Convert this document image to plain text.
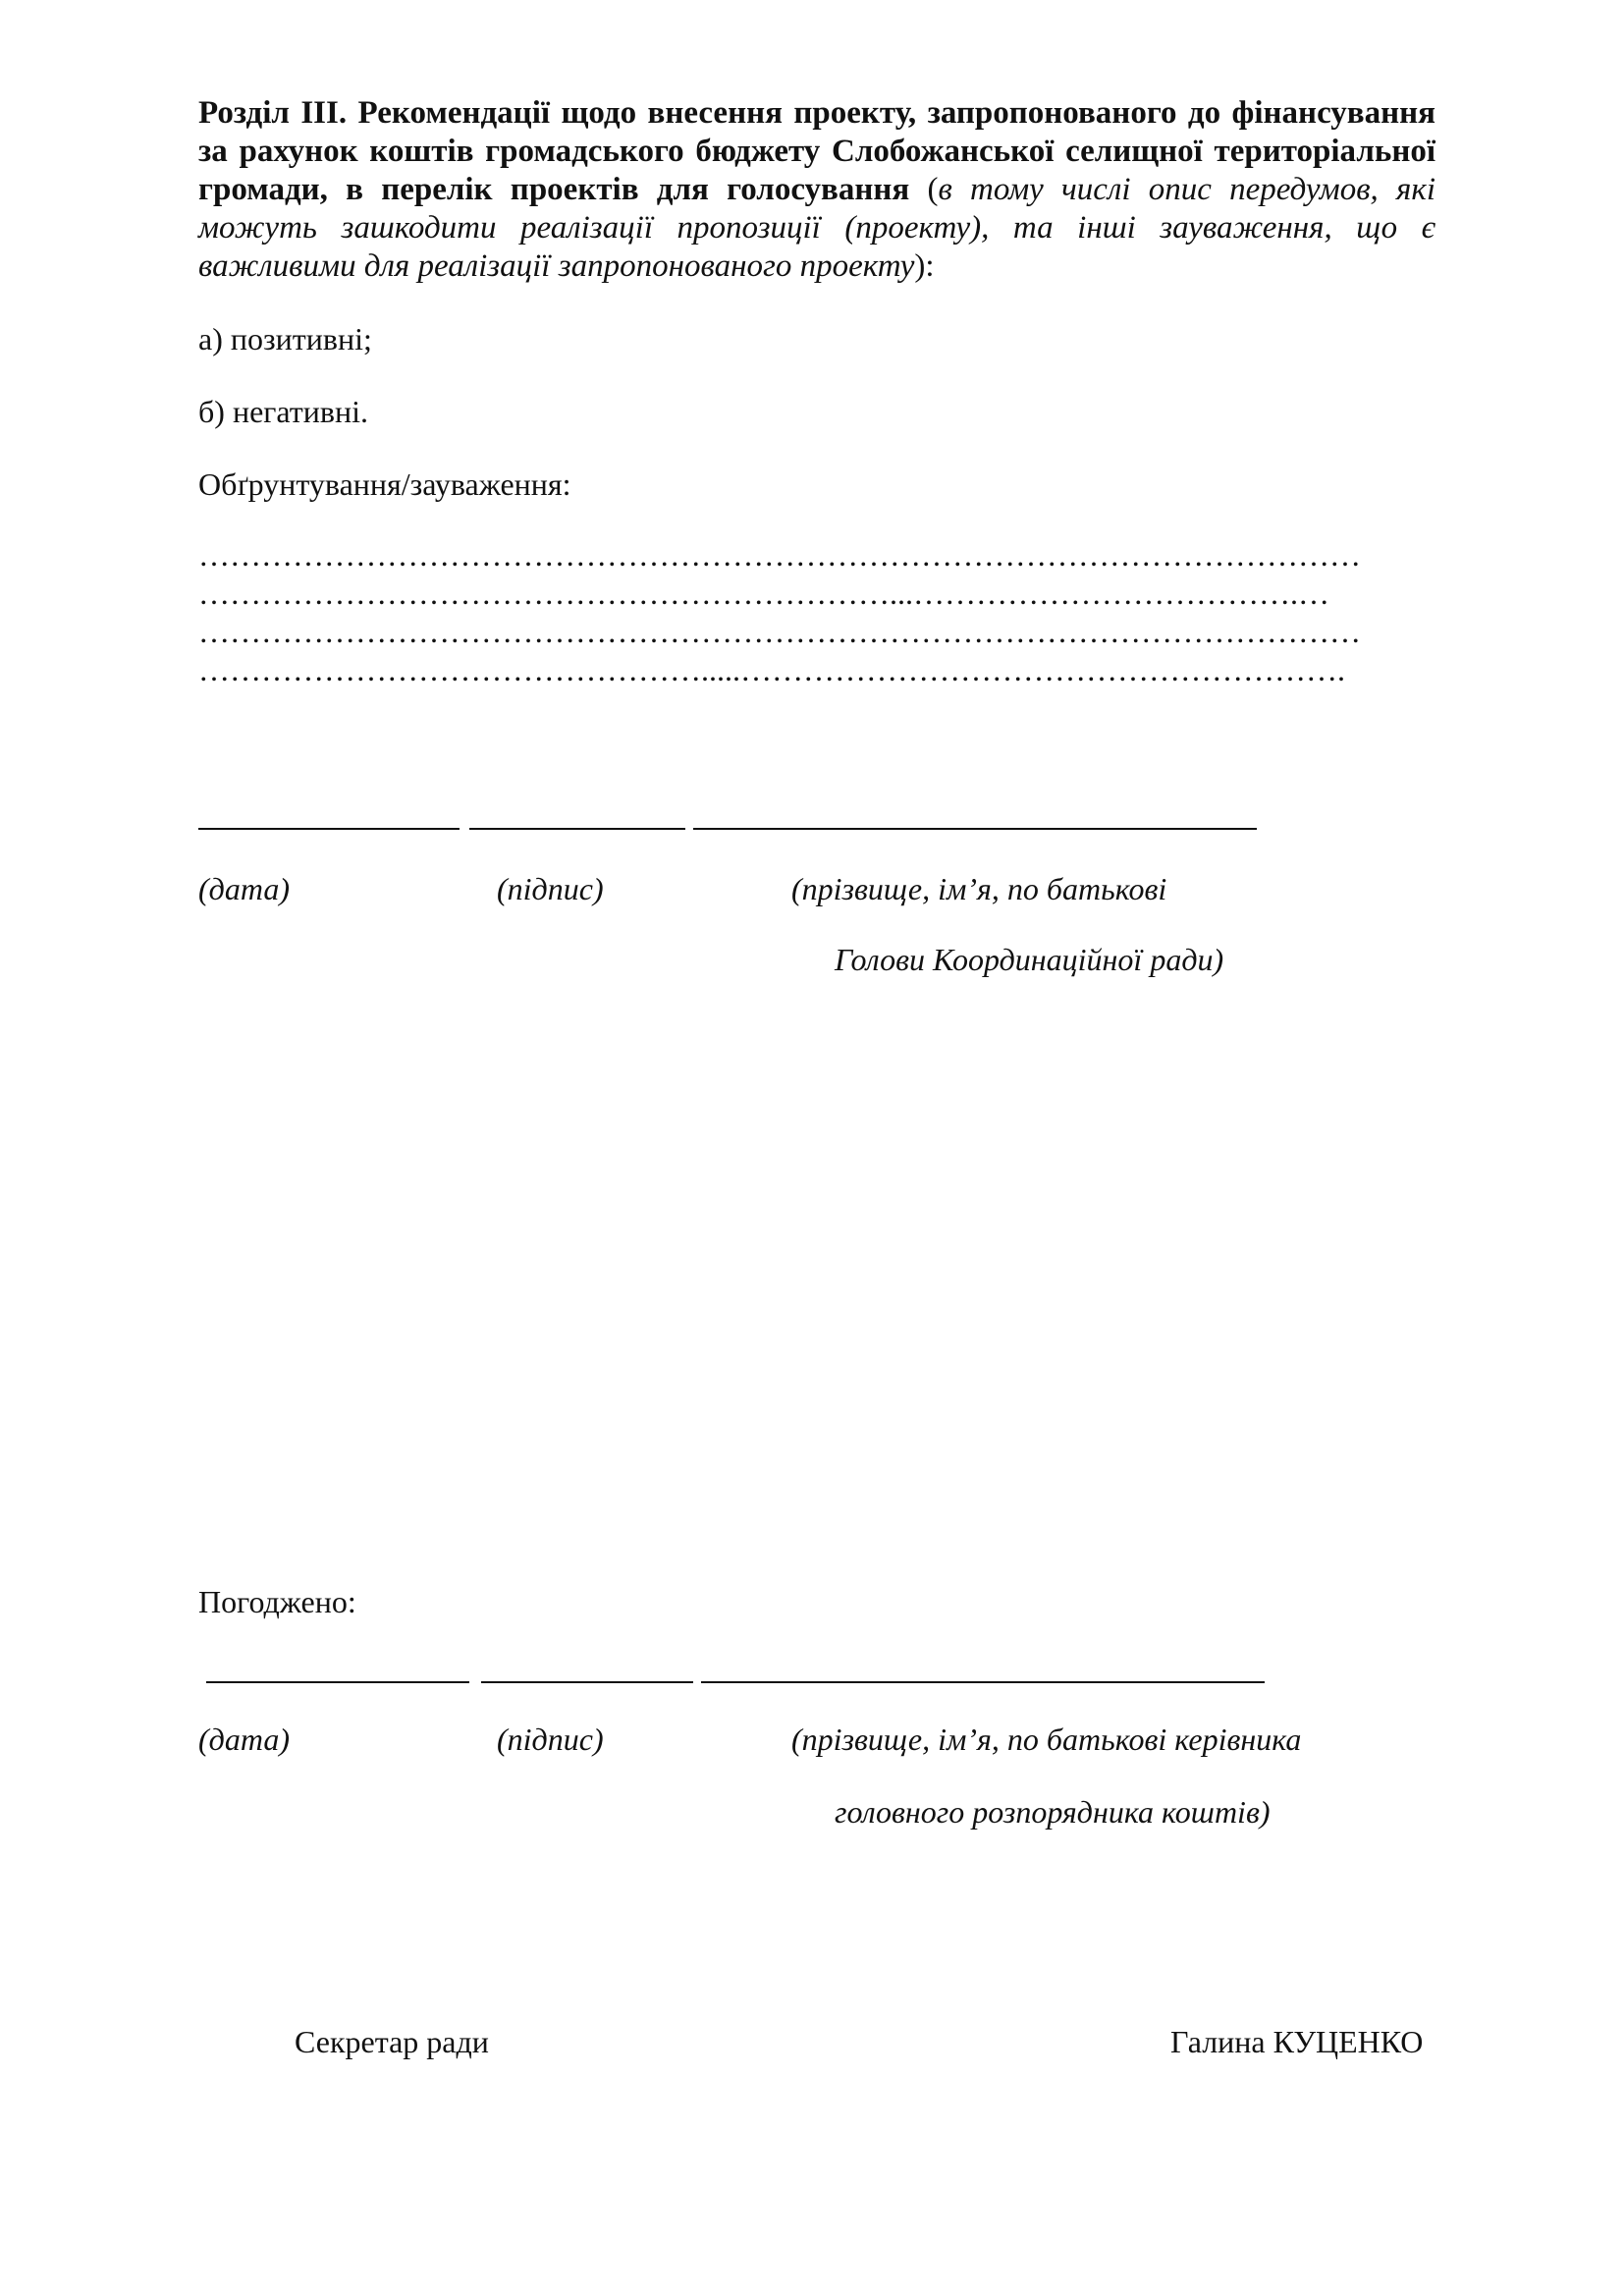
Розділ ІІІ. Рекомендації щодо внесення проекту, запропонованого до фінансування за рахунок коштів громадського бюджету Слобожанської селищної територіальної громади, в перелік проектів для голосування (в тому числі опис передумов, які можуть зашкодити реалізації пропозиції (проекту), та інші зауваження, що є важливими для реалізації запропонованого проекту):

а) позитивні;

б) негативні.

Обґрунтування/зауваження:

…………………………………………………………………………………………………
…………………………………………………………...……………………………….…
…………………………………………………………………………………………………
………………………………………….....………………………………………………….

(дата)	(підпис)	(прізвище, ім’я, по батькові

Голови Координаційної ради)

Погоджено:

(дата)	(підпис)	(прізвище, ім’я, по батькові керівника

головного розпорядника коштів)

Секретар ради	Галина КУЦЕНКО
